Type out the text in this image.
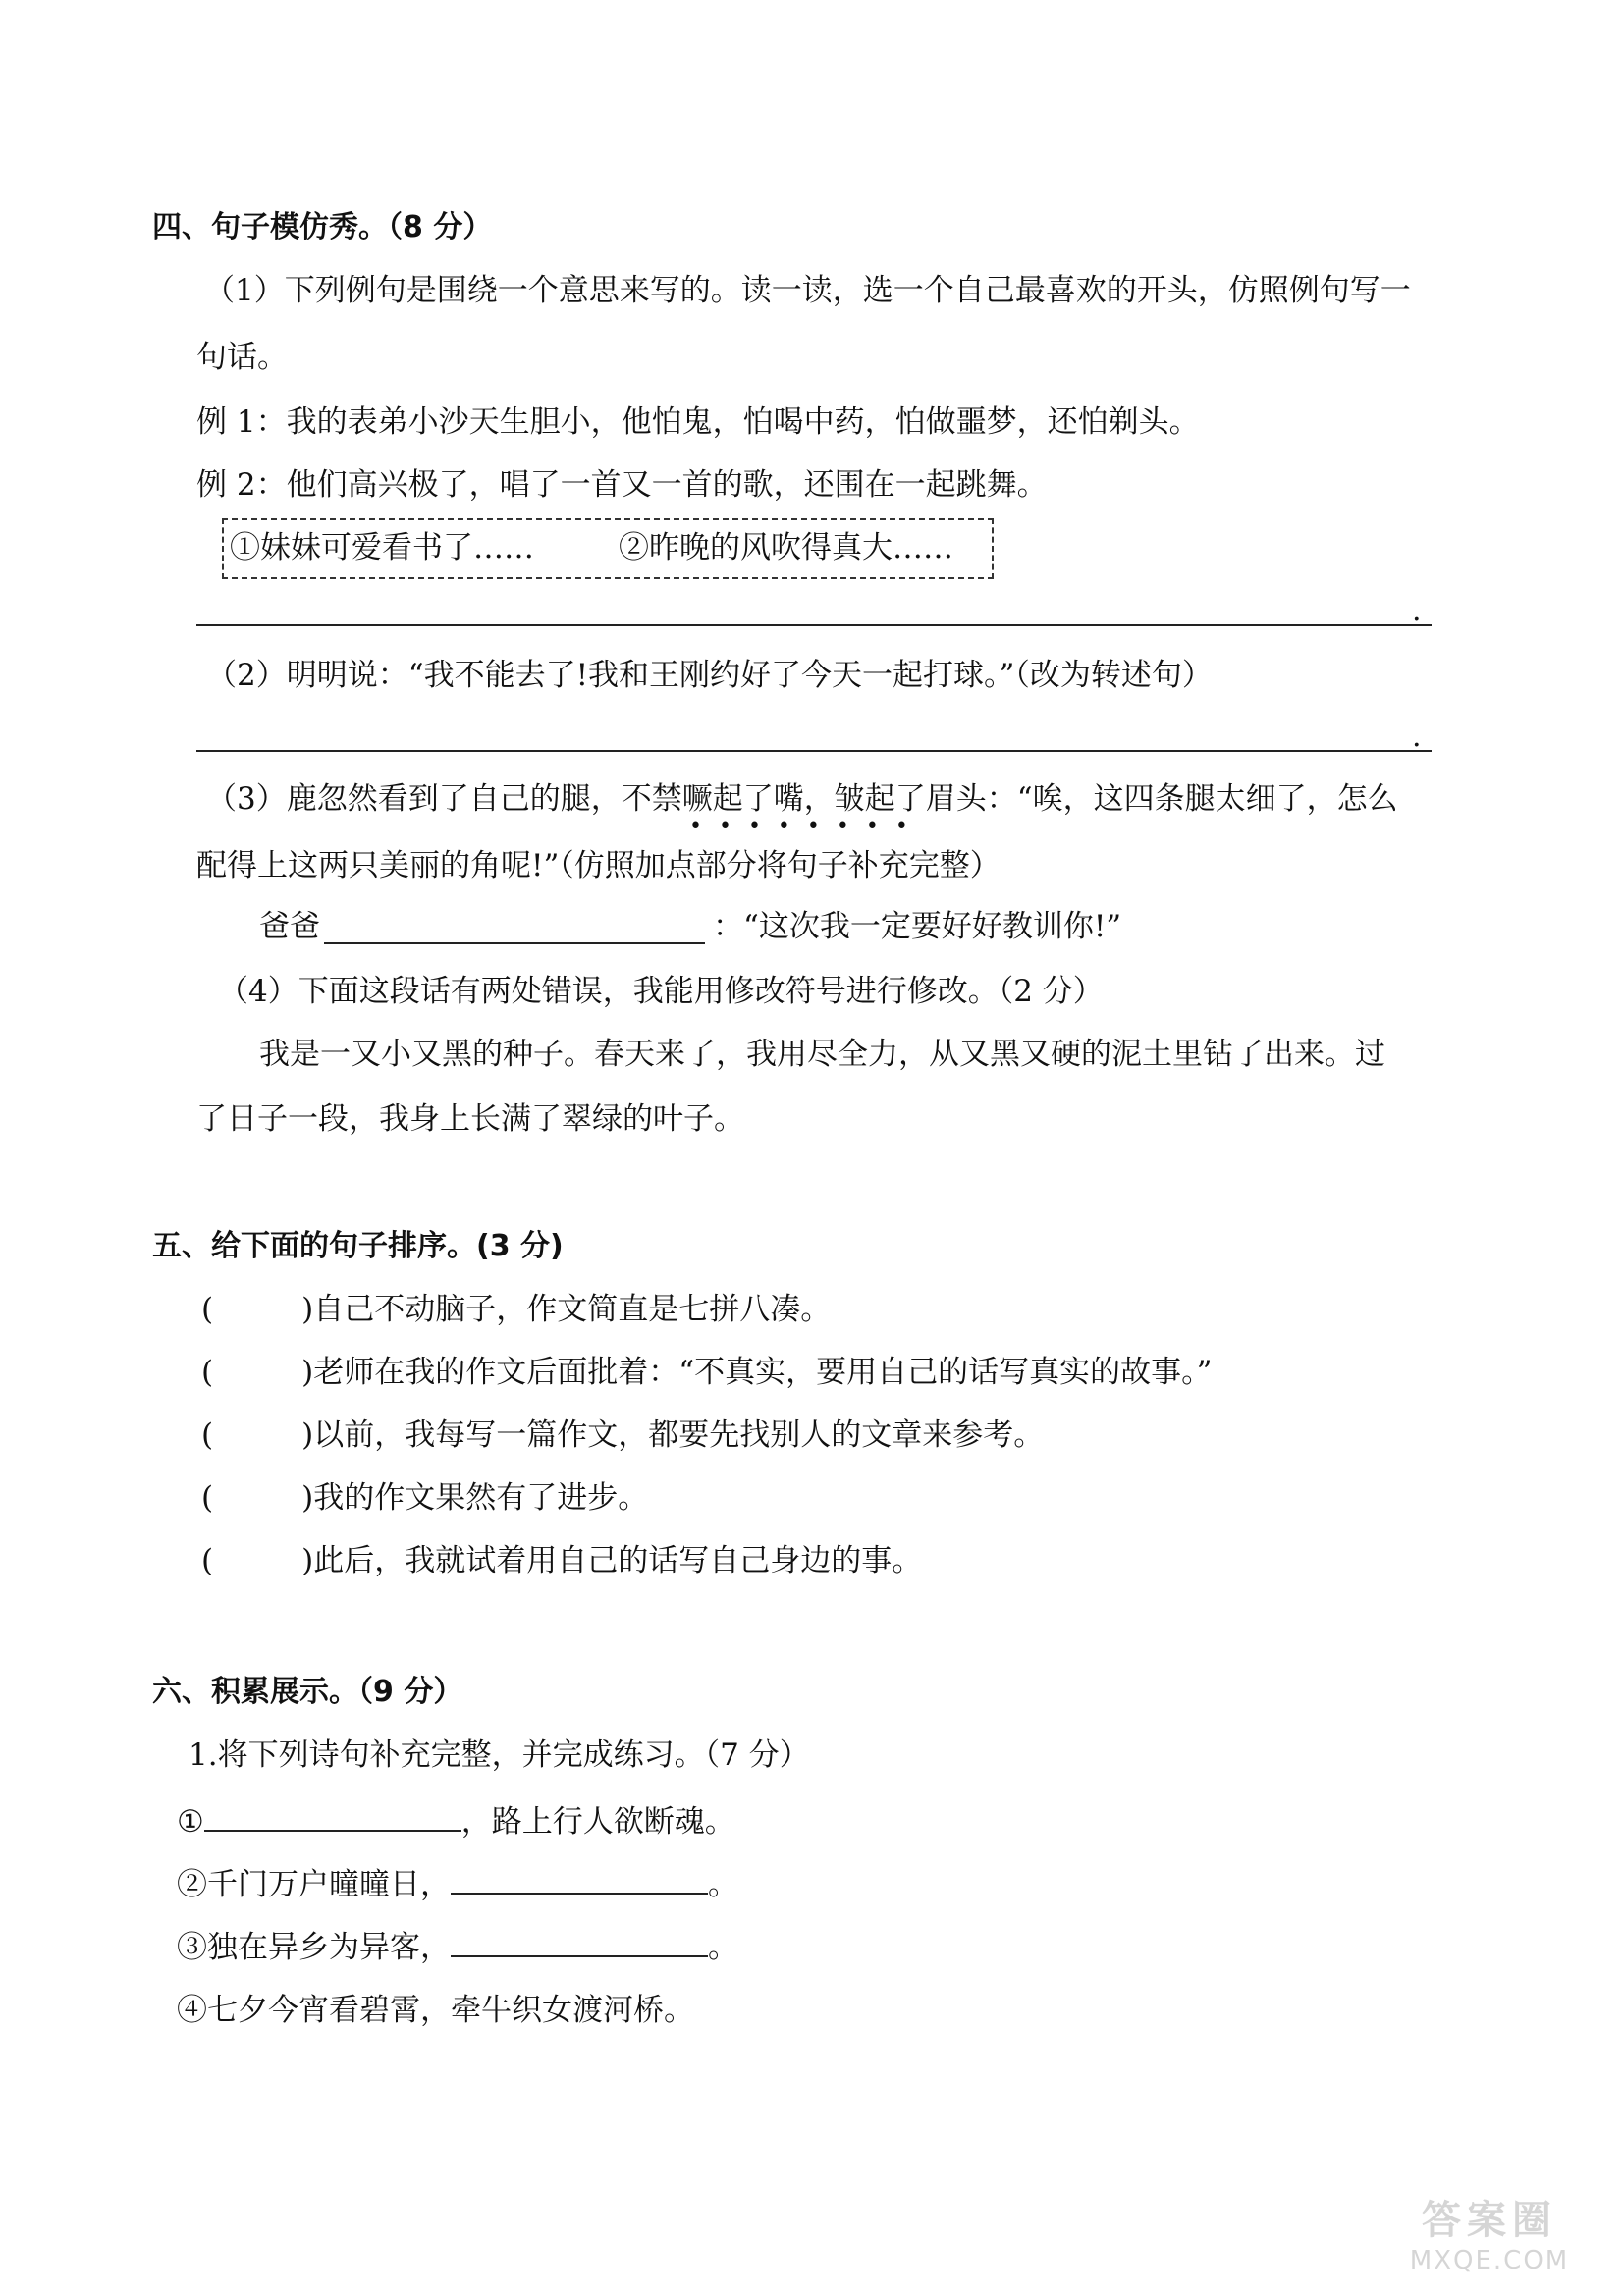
四、句子模仿秀。（8 分）
（1）下列例句是围绕一个意思来写的。读一读，选一个自己最喜欢的开头，仿照例句写一
句话。
例 1：我的表弟小沙天生胆小，他怕鬼，怕喝中药，怕做噩梦，还怕剃头。
例 2：他们高兴极了，唱了一首又一首的歌，还围在一起跳舞。
①妹妹可爱看书了……	②昨晚的风吹得真大……
.
（2）明明说：“我不能去了!我和王刚约好了今天一起打球。”（改为转述句）
.
（3）鹿忽然看到了自己的腿，不禁噘起了嘴，皱起了眉头：“唉，这四条腿太细了，怎么
••••••••
配得上这两只美丽的角呢!”（仿照加点部分将句子补充完整）
爸爸	：“这次我一定要好好教训你!”
（4）下面这段话有两处错误，我能用修改符号进行修改。（2 分）
我是一又小又黑的种子。春天来了，我用尽全力，从又黑又硬的泥土里钻了出来。过
了日子一段，我身上长满了翠绿的叶子。
五、给下面的句子排序。(3 分)
(	)自己不动脑子，作文简直是七拼八凑。
(	)老师在我的作文后面批着：“不真实，要用自己的话写真实的故事。”
(	)以前，我每写一篇作文，都要先找别人的文章来参考。
(	)我的作文果然有了进步。
(	)此后，我就试着用自己的话写自己身边的事。
六、积累展示。（9 分）
1.将下列诗句补充完整，并完成练习。（7 分）
①	，路上行人欲断魂。
②千门万户曈曈日，	。
③独在异乡为异客，	。
④七夕今宵看碧霄，牵牛织女渡河桥。
答案圈
MXQE.COM
